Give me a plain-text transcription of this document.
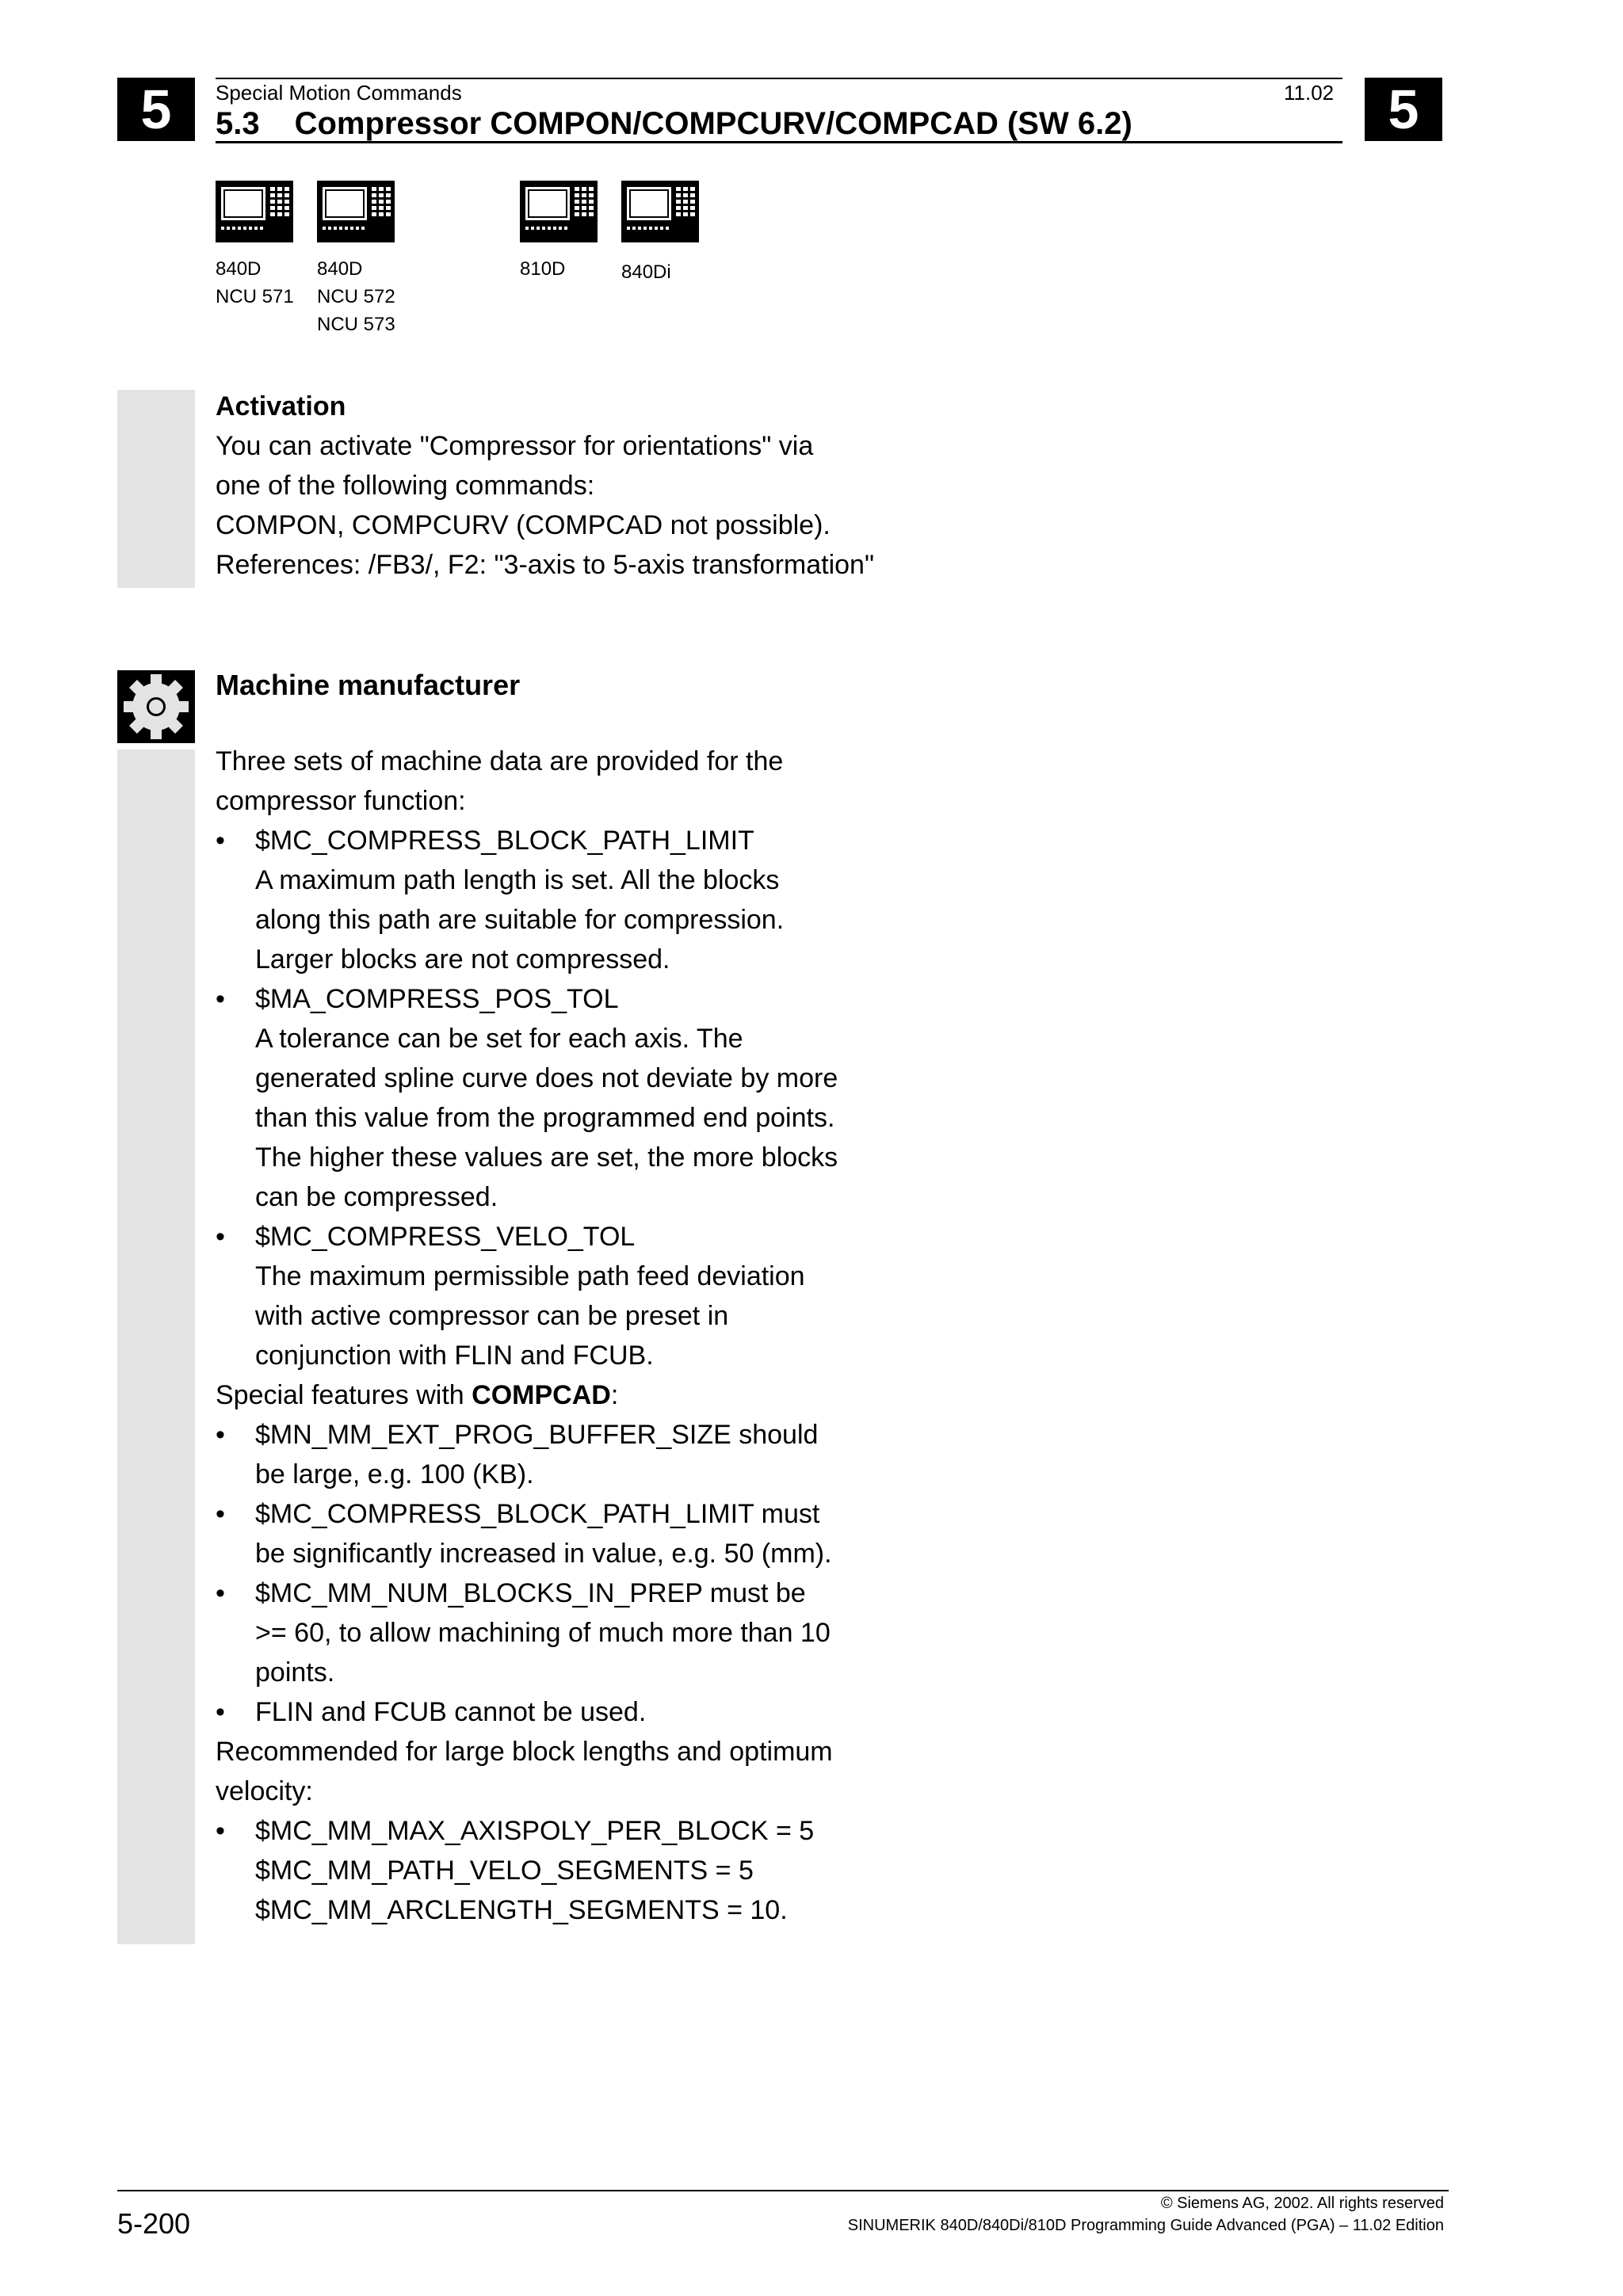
5	5
Special Motion Commands	11.02
5.3 Compressor COMPON/COMPCURV/COMPCAD (SW 6.2)
840D
NCU 571
840D
NCU 572
NCU 573
810D	840Di
Activation
You can activate "Compressor for orientations" via
one of the following commands:
COMPON, COMPCURV (COMPCAD not possible).
References: /FB3/, F2: "3-axis to 5-axis transformation"
Machine manufacturer
Three sets of machine data are provided for the
compressor function:
• $MC_COMPRESS_BLOCK_PATH_LIMIT
A maximum path length is set. All the blocks
along this path are suitable for compression.
Larger blocks are not compressed.
• $MA_COMPRESS_POS_TOL
A tolerance can be set for each axis. The
generated spline curve does not deviate by more
than this value from the programmed end points.
The higher these values are set, the more blocks
can be compressed.
• $MC_COMPRESS_VELO_TOL
The maximum permissible path feed deviation
with active compressor can be preset in
conjunction with FLIN and FCUB.
Special features with COMPCAD:
• $MN_MM_EXT_PROG_BUFFER_SIZE should
be large, e.g. 100 (KB).
• $MC_COMPRESS_BLOCK_PATH_LIMIT must
be significantly increased in value, e.g. 50 (mm).
• $MC_MM_NUM_BLOCKS_IN_PREP must be
>= 60, to allow machining of much more than 10
points.
• FLIN and FCUB cannot be used.
Recommended for large block lengths and optimum
velocity:
• $MC_MM_MAX_AXISPOLY_PER_BLOCK = 5
$MC_MM_PATH_VELO_SEGMENTS = 5
$MC_MM_ARCLENGTH_SEGMENTS = 10.
5-200
© Siemens AG, 2002. All rights reserved
SINUMERIK 840D/840Di/810D Programming Guide Advanced (PGA) – 11.02 Edition
